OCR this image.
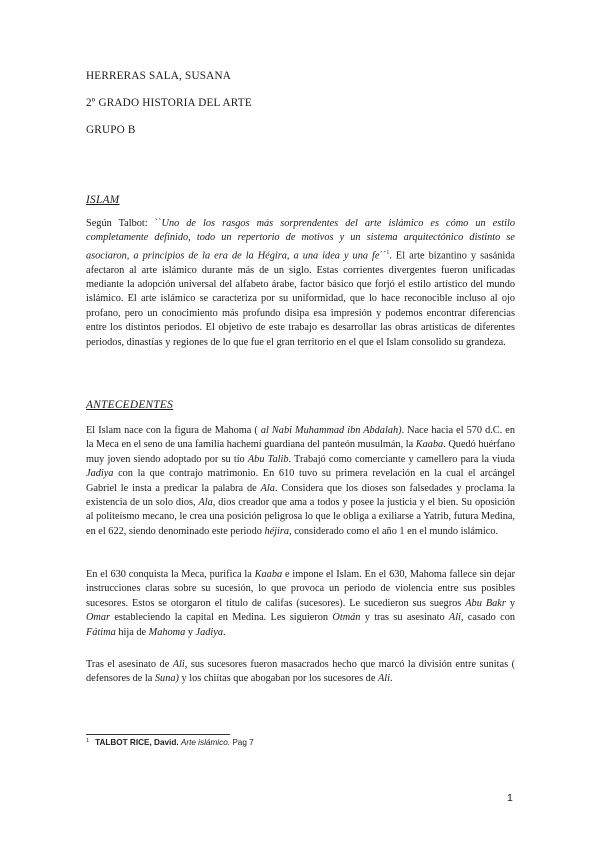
HERRERAS SALA, SUSANA
2º GRADO HISTORIA DEL ARTE
GRUPO B
ISLAM
Según Talbot: ``Uno de los rasgos más sorprendentes del arte islámico es cómo un estilo completamente definido, todo un repertorio de motivos y un sistema arquitectónico distinto se asociaron, a principios de la era de la Hégira, a una idea y una fe´´$^1$. El arte bizantino y sasánida afectaron al arte islámico durante más de un siglo. Estas corrientes divergentes fueron unificadas mediante la adopción universal del alfabeto árabe, factor básico que forjó el estilo artístico del mundo islámico. El arte islámico se caracteriza por su uniformidad, que lo hace reconocible incluso al ojo profano, pero un conocimiento más profundo disipa esa impresión y podemos encontrar diferencias entre los distintos periodos. El objetivo de este trabajo es desarrollar las obras artísticas de diferentes periodos, dinastías y regiones de lo que fue el gran territorio en el que el Islam consolido su grandeza.
ANTECEDENTES
El Islam nace con la figura de Mahoma ( al Nabi Muhammad ibn Abdalah). Nace hacia el 570 d.C. en la Meca en el seno de una familia hachemí guardiana del panteón musulmán, la Kaaba. Quedó huérfano muy joven siendo adoptado por su tío Abu Talib. Trabajó como comerciante y camellero para la viuda Jadiya con la que contrajo matrimonio. En 610 tuvo su primera revelación en la cual el arcángel Gabriel le insta a predicar la palabra de Ala. Considera que los dioses son falsedades y proclama la existencia de un solo dios, Ala, dios creador que ama a todos y posee la justicia y el bien. Su oposición al politeísmo mecano, le crea una posición peligrosa lo que le obliga a exiliarse a Yatrib, futura Medina, en el 622, siendo denominado este periodo héjira, considerado como el año 1 en el mundo islámico.
En el 630 conquista la Meca, purifica la Kaaba e impone el Islam. En el 630, Mahoma fallece sin dejar instrucciones claras sobre su sucesión, lo que provoca un periodo de violencia entre sus posibles sucesores. Estos se otorgaron el título de califas (sucesores). Le sucedieron sus suegros Abu Bakr y Omar estableciendo la capital en Medina. Les siguieron Otmán y tras su asesinato Ali, casado con Fátima hija de Mahoma y Jadiya.
Tras el asesinato de Ali, sus sucesores fueron masacrados hecho que marcó la división entre sunitas ( defensores de la Suna) y los chiítas que abogaban por los sucesores de Ali.
$^1$ TALBOT RICE, David. Arte islámico. Pag 7
1
